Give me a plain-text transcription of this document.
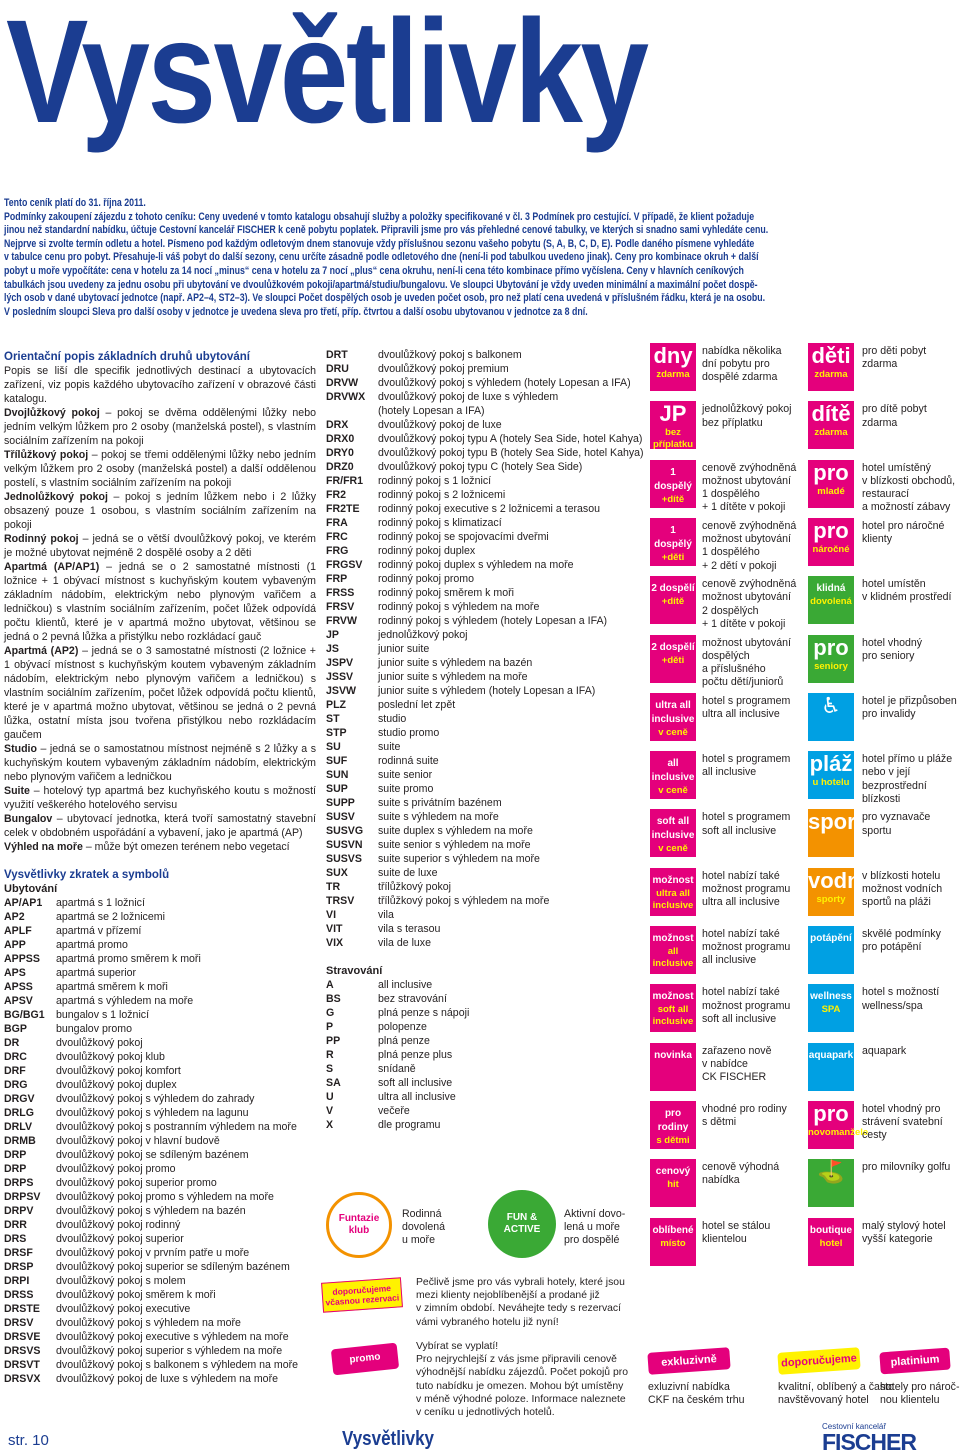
Vysvětlivky

Tento ceník platí do 31. října 2011.

Podmínky zakoupení zájezdu z tohoto ceníku: Ceny uvedené v tomto katalogu obsahují služby a položky specifikované v čl. 3 Podmínek pro cestující. V případě, že klient požaduje

jinou než standardní nabídku, účtuje Cestovní kancelář FISCHER k ceně pobytu poplatek. Připravili jsme pro vás přehledné cenové tabulky, ve kterých si snadno sami vyhledáte cenu.

Nejprve si zvolte termín odletu a hotel. Písmeno pod každým odletovým dnem stanovuje vždy příslušnou sezonu vašeho pobytu (S, A, B, C, D, E). Podle daného písmene vyhledáte

v tabulce cenu pro pobyt. Přesahuje-li váš pobyt do další sezony, cenu určíte zásadně podle odletového dne (není-li pod tabulkou uvedeno jinak). Ceny pro kombinace okruh + další

pobyt u moře vypočítáte: cena v hotelu za 14 nocí „minus“ cena v hotelu za 7 nocí „plus“ cena okruhu, není-li cena této kombinace přímo vyčíslena. Ceny v hlavních ceníkových

tabulkách jsou uvedeny za jednu osobu při ubytování ve dvoulůžkovém pokoji/apartmá/studiu/bungalovu. Ve sloupci Ubytování je vždy uveden minimální a maximální počet dospě-

lých osob v dané ubytovací jednotce (např. AP2–4, ST2–3). Ve sloupci Počet dospělých osob je uveden počet osob, pro než platí cena uvedená v příslušném řádku, která je na osobu.

V posledním sloupci Sleva pro další osoby v jednotce je uvedena sleva pro třetí, příp. čtvrtou a další osobu ubytovanou v jednotce za 8 dní.

Orientační popis základních druhů ubytování

Popis se liší dle specifik jednotlivých destinací a ubytovacích zařízení, viz popis každého ubytovacího zařízení v obrazové části katalogu.

Dvojlůžkový pokoj – pokoj se dvěma oddělenými lůžky nebo jedním velkým lůžkem pro 2 osoby (manželská postel), s vlastním sociálním zařízením na pokoji
Třílůžkový pokoj – pokoj se třemi oddělenými lůžky nebo jedním velkým lůžkem pro 2 osoby (manželská postel) a další oddělenou postelí, s vlastním sociálním zařízením na pokoji
Jednolůžkový pokoj – pokoj s jedním lůžkem nebo i 2 lůžky obsazený pouze 1 osobou, s vlastním sociálním zařízením na pokoji
Rodinný pokoj – jedná se o větší dvoulůžkový pokoj, ve kterém je možné ubytovat nejméně 2 dospělé osoby a 2 děti
Apartmá (AP/AP1) – jedná se o 2 samostatné místnosti (1 ložnice + 1 obývací místnost s kuchyňským koutem vybaveným základním nádobím, elektrickým nebo plynovým vařičem a ledničkou) s vlastním sociálním zařízením, počet lůžek odpovídá počtu klientů, které je v apartmá možno ubytovat, většinou se jedná o 2 pevná lůžka a přistýlku nebo rozkládací gauč
Apartmá (AP2) – jedná se o 3 samostatné místnosti (2 ložnice + 1 obývací místnost s kuchyňským koutem vybaveným základním nádobím, elektrickým nebo plynovým vařičem a ledničkou) s vlastním sociálním zařízením, počet lůžek odpovídá počtu klientů, které je v apartmá možno ubytovat, většinou se jedná o 2 pevná lůžka, ostatní místa jsou tvořena přistýlkou nebo rozkládacím gaučem
Studio – jedná se o samostatnou místnost nejméně s 2 lůžky a s kuchyňským koutem vybaveným základním nádobím, elektrickým nebo plynovým vařičem a ledničkou
Suite – hotelový typ apartmá bez kuchyňského koutu s možností využití veškerého hotelového servisu
Bungalov – ubytovací jednotka, která tvoří samostatný stavební celek v obdobném uspořádání a vybavení, jako je apartmá (AP)
Výhled na moře – může být omezen terénem nebo vegetací
Vysvětlivky zkratek a symbolů
Ubytování
AP/AP1	apartmá s 1 ložnicí
AP2	apartmá se 2 ložnicemi
APLF	apartmá v přízemí
APP	apartmá promo
APPSS	apartmá promo směrem k moři
APS	apartmá superior
APSS	apartmá směrem k moři
APSV	apartmá s výhledem na moře
BG/BG1	bungalov s 1 ložnicí
BGP	bungalov promo
DR	dvoulůžkový pokoj
DRC	dvoulůžkový pokoj klub
DRF	dvoulůžkový pokoj komfort
DRG	dvoulůžkový pokoj duplex
DRGV	dvoulůžkový pokoj s výhledem do zahrady
DRLG	dvoulůžkový pokoj s výhledem na lagunu
DRLV	dvoulůžkový pokoj s postranním výhledem na moře
DRMB	dvoulůžkový pokoj v hlavní budově
DRP	dvoulůžkový pokoj se sdíleným bazénem
DRP	dvoulůžkový pokoj promo
DRPS	dvoulůžkový pokoj superior promo
DRPSV	dvoulůžkový pokoj promo s výhledem na moře
DRPV	dvoulůžkový pokoj s výhledem na bazén
DRR	dvoulůžkový pokoj rodinný
DRS	dvoulůžkový pokoj superior
DRSF	dvoulůžkový pokoj v prvním patře u moře
DRSP	dvoulůžkový pokoj superior se sdíleným bazénem
DRPI	dvoulůžkový pokoj s molem
DRSS	dvoulůžkový pokoj směrem k moři
DRSTE	dvoulůžkový pokoj executive
DRSV	dvoulůžkový pokoj s výhledem na moře
DRSVE	dvoulůžkový pokoj executive s výhledem na moře
DRSVS	dvoulůžkový pokoj superior s výhledem na moře
DRSVT	dvoulůžkový pokoj s balkonem s výhledem na moře
DRSVX	dvoulůžkový pokoj de luxe s výhledem na moře
DRT	dvoulůžkový pokoj s balkonem
DRU	dvoulůžkový pokoj premium
DRVW	dvoulůžkový pokoj s výhledem (hotely Lopesan a IFA)
DRVWX	dvoulůžkový pokoj de luxe s výhledem
(hotely Lopesan a IFA)
DRX	dvoulůžkový pokoj de luxe
DRX0	dvoulůžkový pokoj typu A (hotely Sea Side, hotel Kahya)
DRY0	dvoulůžkový pokoj typu B (hotely Sea Side, hotel Kahya)
DRZ0	dvoulůžkový pokoj typu C (hotely Sea Side)
FR/FR1	rodinný pokoj s 1 ložnicí
FR2	rodinný pokoj s 2 ložnicemi
FR2TE	rodinný pokoj executive s 2 ložnicemi a terasou
FRA	rodinný pokoj s klimatizací
FRC	rodinný pokoj se spojovacími dveřmi
FRG	rodinný pokoj duplex
FRGSV	rodinný pokoj duplex s výhledem na moře
FRP	rodinný pokoj promo
FRSS	rodinný pokoj směrem k moři
FRSV	rodinný pokoj s výhledem na moře
FRVW	rodinný pokoj s výhledem (hotely Lopesan a IFA)
JP	jednolůžkový pokoj
JS	junior suite
JSPV	junior suite s výhledem na bazén
JSSV	junior suite s výhledem na moře
JSVW	junior suite s výhledem (hotely Lopesan a IFA)
PLZ	poslední let zpět
ST	studio
STP	studio promo
SU	suite
SUF	rodinná suite
SUN	suite senior
SUP	suite promo
SUPP	suite s privátním bazénem
SUSV	suite s výhledem na moře
SUSVG	suite duplex s výhledem na moře
SUSVN	suite senior s výhledem na moře
SUSVS	suite superior s výhledem na moře
SUX	suite de luxe
TR	třílůžkový pokoj
TRSV	třílůžkový pokoj s výhledem na moře
VI	vila
VIT	vila s terasou
VIX	vila de luxe
Stravování
A	all inclusive
BS	bez stravování
G	plná penze s nápoji
P	polopenze
PP	plná penze
R	plná penze plus
S	snídaně
SA	soft all inclusive
U	ultra all inclusive
V	večeře
X	dle programu
dny
zdarma
nabídka několika
dní pobytu pro
dospělé zdarma
JP
bez příplatku
jednolůžkový pokoj
bez příplatku
1 dospělý
+dítě
cenově zvýhodněná
možnost ubytování
1 dospělého
+ 1 dítěte v pokoji
1 dospělý
+děti
cenově zvýhodněná
možnost ubytování
1 dospělého
+ 2 dětí v pokoji
2 dospělí
+dítě
cenově zvýhodněná
možnost ubytování
2 dospělých
+ 1 dítěte v pokoji
2 dospělí
+děti
možnost ubytování
dospělých
a příslušného
počtu dětí/juniorů
ultra all inclusive
v ceně
hotel s programem
ultra all inclusive
all inclusive
v ceně
hotel s programem
all inclusive
soft all inclusive
v ceně
hotel s programem
soft all inclusive
možnost
ultra all inclusive
hotel nabízí také
možnost programu
ultra all inclusive
možnost
all inclusive
hotel nabízí také
možnost programu
all inclusive
možnost
soft all inclusive
hotel nabízí také
možnost programu
soft all inclusive
novinka zařazeno nově
v nabídce
CK FISCHER
pro rodiny
s dětmi
vhodné pro rodiny
s dětmi
cenový
hit
cenově výhodná
nabídka
oblíbené
místo
hotel se stálou
klientelou
děti
zdarma
pro děti pobyt
zdarma
dítě
zdarma
pro dítě pobyt
zdarma
pro
mladé
hotel umístěný
v blízkosti obchodů,
restaurací
a možností zábavy
pro
náročné
hotel pro náročné
klienty
klidná
dovolená
hotel umístěn
v klidném prostředí
pro
seniory
hotel vhodný
pro seniory
♿	hotel je přizpůsoben
pro invalidy
pláž
u hotelu
hotel přímo u pláže
nebo v její
bezprostřední blízkosti
sport pro vyznavače
sportu
vodní
sporty
v blízkosti hotelu
možnost vodních
sportů na pláži
potápění skvělé podmínky
pro potápění
wellness
SPA
hotel s možností
wellness/spa
aquapark aquapark
pro
novomanžele
hotel vhodný pro
strávení svatební
cesty
⛳	pro milovníky golfu
boutique
hotel
malý stylový hotel
vyšší kategorie
Funtazie klub
Rodinná
dovolená
u moře
FUN & ACTIVE
Aktivní dovo-
lená u moře
pro dospělé
doporučujeme
včasnou rezervaci
Pečlivě jsme pro vás vybrali hotely, které jsou
mezi klienty nejoblíbenější a prodané již
v zimním období. Neváhejte tedy s rezervací
vámi vybraného hotelu již nyní!
promo pokoje
Vybírat se vyplatí!
Pro nejrychlejší z vás jsme připravili cenově
výhodnější nabídku zájezdů. Počet pokojů pro
tuto nabídku je omezen. Mohou být umístěny
v méně výhodné poloze. Informace naleznete
v ceníku u jednotlivých hotelů.
exkluzivně
exluzivní nabídka
CKF na českém trhu
doporučujeme
kvalitní, oblíbený a často
navštěvovaný hotel
platinium
hotely pro nároč-
nou klientelu
str. 10	Vysvětlivky
Cestovní kancelář
FISCHER
